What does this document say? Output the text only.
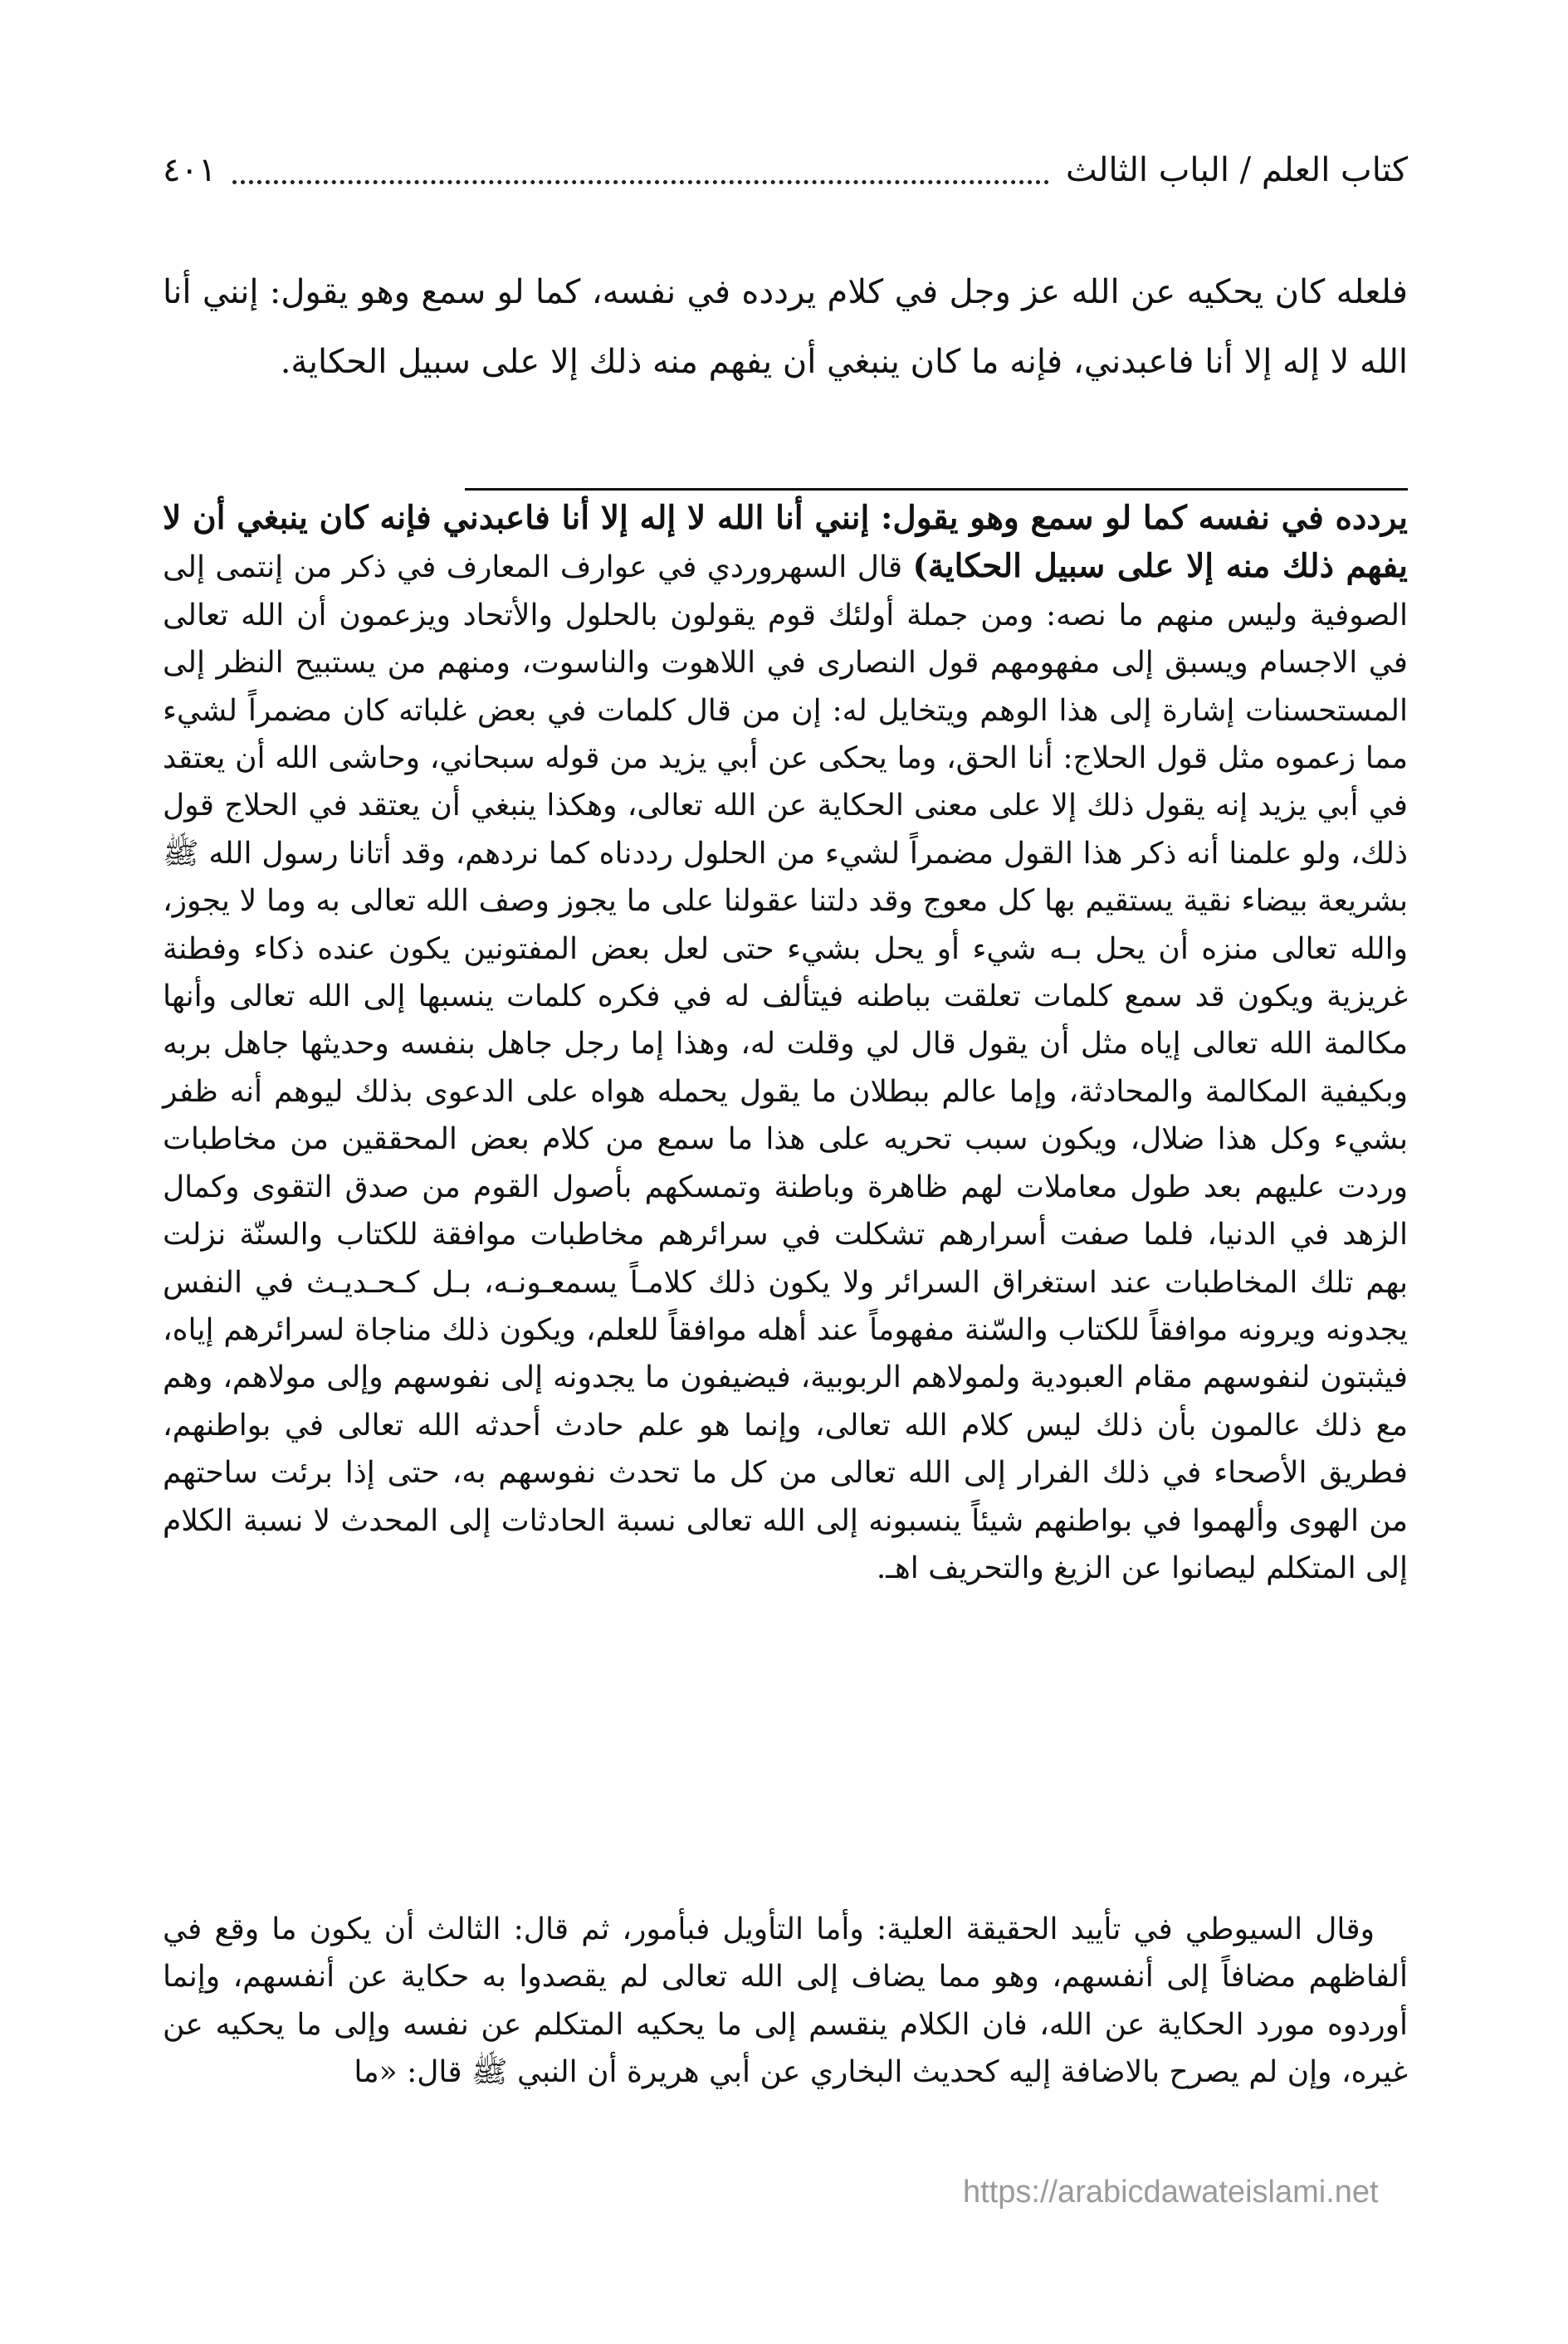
كتاب العلم / الباب الثالث
٤٠١

فلعله كان يحكيه عن الله عز وجل في كلام يردده في نفسه، كما لو سمع وهو يقول: إنني أنا الله لا إله إلا أنا فاعبدني، فإنه ما كان ينبغي أن يفهم منه ذلك إلا على سبيل الحكاية.

يردده في نفسه كما لو سمع وهو يقول: إنني أنا الله لا إله إلا أنا فاعبدني فإنه كان ينبغي أن لا يفهم ذلك منه إلا على سبيل الحكاية) قال السهروردي في عوارف المعارف في ذكر من إنتمى إلى الصوفية وليس منهم ما نصه: ومن جملة أولئك قوم يقولون بالحلول والأتحاد ويزعمون أن الله تعالى في الاجسام ويسبق إلى مفهومهم قول النصارى في اللاهوت والناسوت، ومنهم من يستبيح النظر إلى المستحسنات إشارة إلى هذا الوهم ويتخايل له: إن من قال كلمات في بعض غلباته كان مضمراً لشيء مما زعموه مثل قول الحلاج: أنا الحق، وما يحكى عن أبي يزيد من قوله سبحاني، وحاشى الله أن يعتقد في أبي يزيد إنه يقول ذلك إلا على معنى الحكاية عن الله تعالى، وهكذا ينبغي أن يعتقد في الحلاج قول ذلك، ولو علمنا أنه ذكر هذا القول مضمراً لشيء من الحلول رددناه كما نردهم، وقد أتانا رسول الله ﷺ بشريعة بيضاء نقية يستقيم بها كل معوج وقد دلتنا عقولنا على ما يجوز وصف الله تعالى به وما لا يجوز، والله تعالى منزه أن يحل بـه شيء أو يحل بشيء حتى لعل بعض المفتونين يكون عنده ذكاء وفطنة غريزية ويكون قد سمع كلمات تعلقت بباطنه فيتألف له في فكره كلمات ينسبها إلى الله تعالى وأنها مكالمة الله تعالى إياه مثل أن يقول قال لي وقلت له، وهذا إما رجل جاهل بنفسه وحديثها جاهل بربه وبكيفية المكالمة والمحادثة، وإما عالم ببطلان ما يقول يحمله هواه على الدعوى بذلك ليوهم أنه ظفر بشيء وكل هذا ضلال، ويكون سبب تحريه على هذا ما سمع من كلام بعض المحققين من مخاطبات وردت عليهم بعد طول معاملات لهم ظاهرة وباطنة وتمسكهم بأصول القوم من صدق التقوى وكمال الزهد في الدنيا، فلما صفت أسرارهم تشكلت في سرائرهم مخاطبات موافقة للكتاب والسنّة نزلت بهم تلك المخاطبات عند استغراق السرائر ولا يكون ذلك كلامـاً يسمعـونـه، بـل كـحـديـث في النفس يجدونه ويرونه موافقاً للكتاب والسّنة مفهوماً عند أهله موافقاً للعلم، ويكون ذلك مناجاة لسرائرهم إياه، فيثبتون لنفوسهم مقام العبودية ولمولاهم الربوبية، فيضيفون ما يجدونه إلى نفوسهم وإلى مولاهم، وهم مع ذلك عالمون بأن ذلك ليس كلام الله تعالى، وإنما هو علم حادث أحدثه الله تعالى في بواطنهم، فطريق الأصحاء في ذلك الفرار إلى الله تعالى من كل ما تحدث نفوسهم به، حتى إذا برئت ساحتهم من الهوى وألهموا في بواطنهم شيئاً ينسبونه إلى الله تعالى نسبة الحادثات إلى المحدث لا نسبة الكلام إلى المتكلم ليصانوا عن الزيغ والتحريف اهـ.

وقال السيوطي في تأييد الحقيقة العلية: وأما التأويل فبأمور، ثم قال: الثالث أن يكون ما وقع في ألفاظهم مضافاً إلى أنفسهم، وهو مما يضاف إلى الله تعالى لم يقصدوا به حكاية عن أنفسهم، وإنما أوردوه مورد الحكاية عن الله، فان الكلام ينقسم إلى ما يحكيه المتكلم عن نفسه وإلى ما يحكيه عن غيره، وإن لم يصرح بالاضافة إليه كحديث البخاري عن أبي هريرة أن النبي ﷺ قال: «ما

https://arabicdawateislami.net
